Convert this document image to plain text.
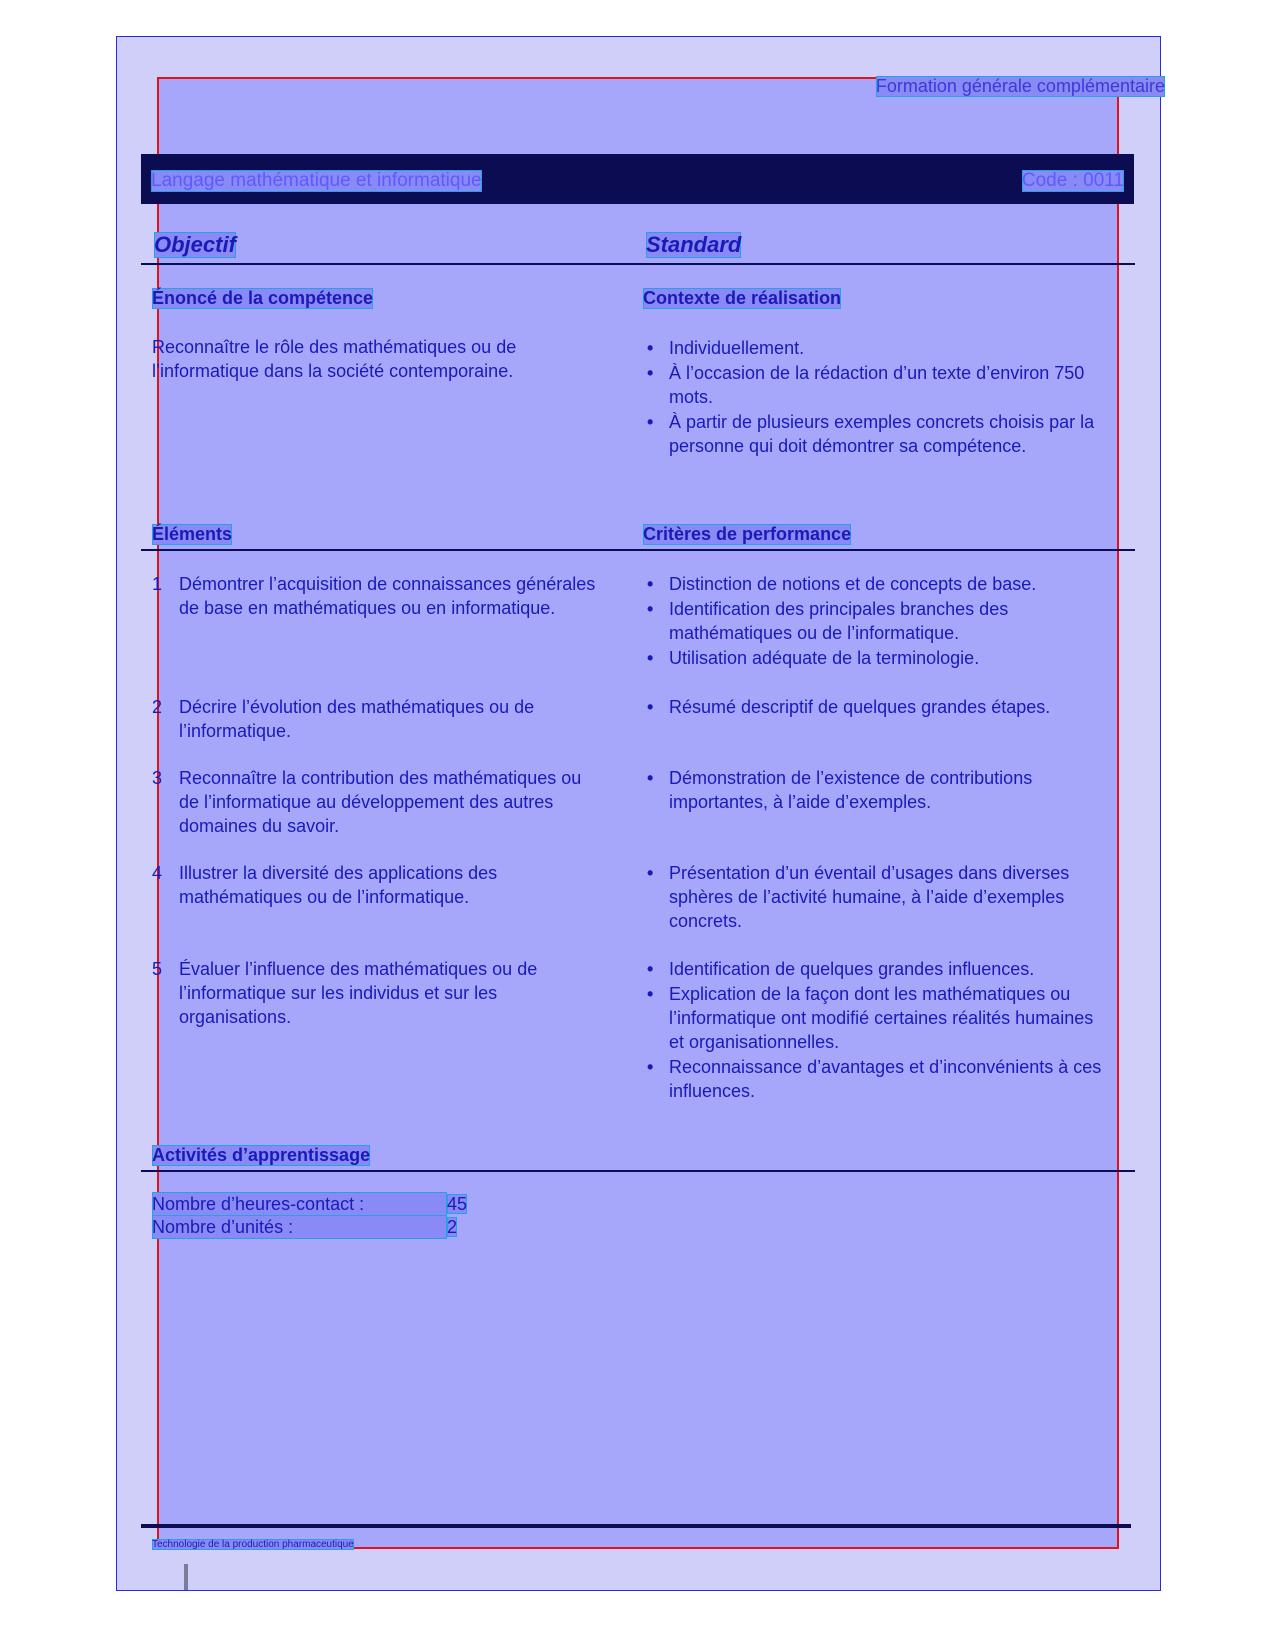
Formation générale complémentaire
Langage mathématique et informatique	Code : 0011
Objectif	Standard
Énoncé de la compétence	Contexte de réalisation
Reconnaître le rôle des mathématiques ou de l’informatique dans la société contemporaine.
• Individuellement.
• À l’occasion de la rédaction d’un texte d’environ 750 mots.
• À partir de plusieurs exemples concrets choisis par la personne qui doit démontrer sa compétence.
Éléments	Critères de performance
1 Démontrer l’acquisition de connaissances générales de base en mathématiques ou en informatique.
• Distinction de notions et de concepts de base.
• Identification des principales branches des mathématiques ou de l’informatique.
• Utilisation adéquate de la terminologie.
2 Décrire l’évolution des mathématiques ou de l’informatique.
• Résumé descriptif de quelques grandes étapes.
3 Reconnaître la contribution des mathématiques ou de l’informatique au développement des autres domaines du savoir.
• Démonstration de l’existence de contributions importantes, à l’aide d’exemples.
4 Illustrer la diversité des applications des mathématiques ou de l’informatique.
• Présentation d’un éventail d’usages dans diverses sphères de l’activité humaine, à l’aide d’exemples concrets.
5 Évaluer l’influence des mathématiques ou de l’informatique sur les individus et sur les organisations.
• Identification de quelques grandes influences.
• Explication de la façon dont les mathématiques ou l’informatique ont modifié certaines réalités humaines et organisationnelles.
• Reconnaissance d’avantages et d’inconvénients à ces influences.
Activités d’apprentissage
Nombre d’heures-contact :	45
Nombre d’unités :	2
Technologie de la production pharmaceutique
